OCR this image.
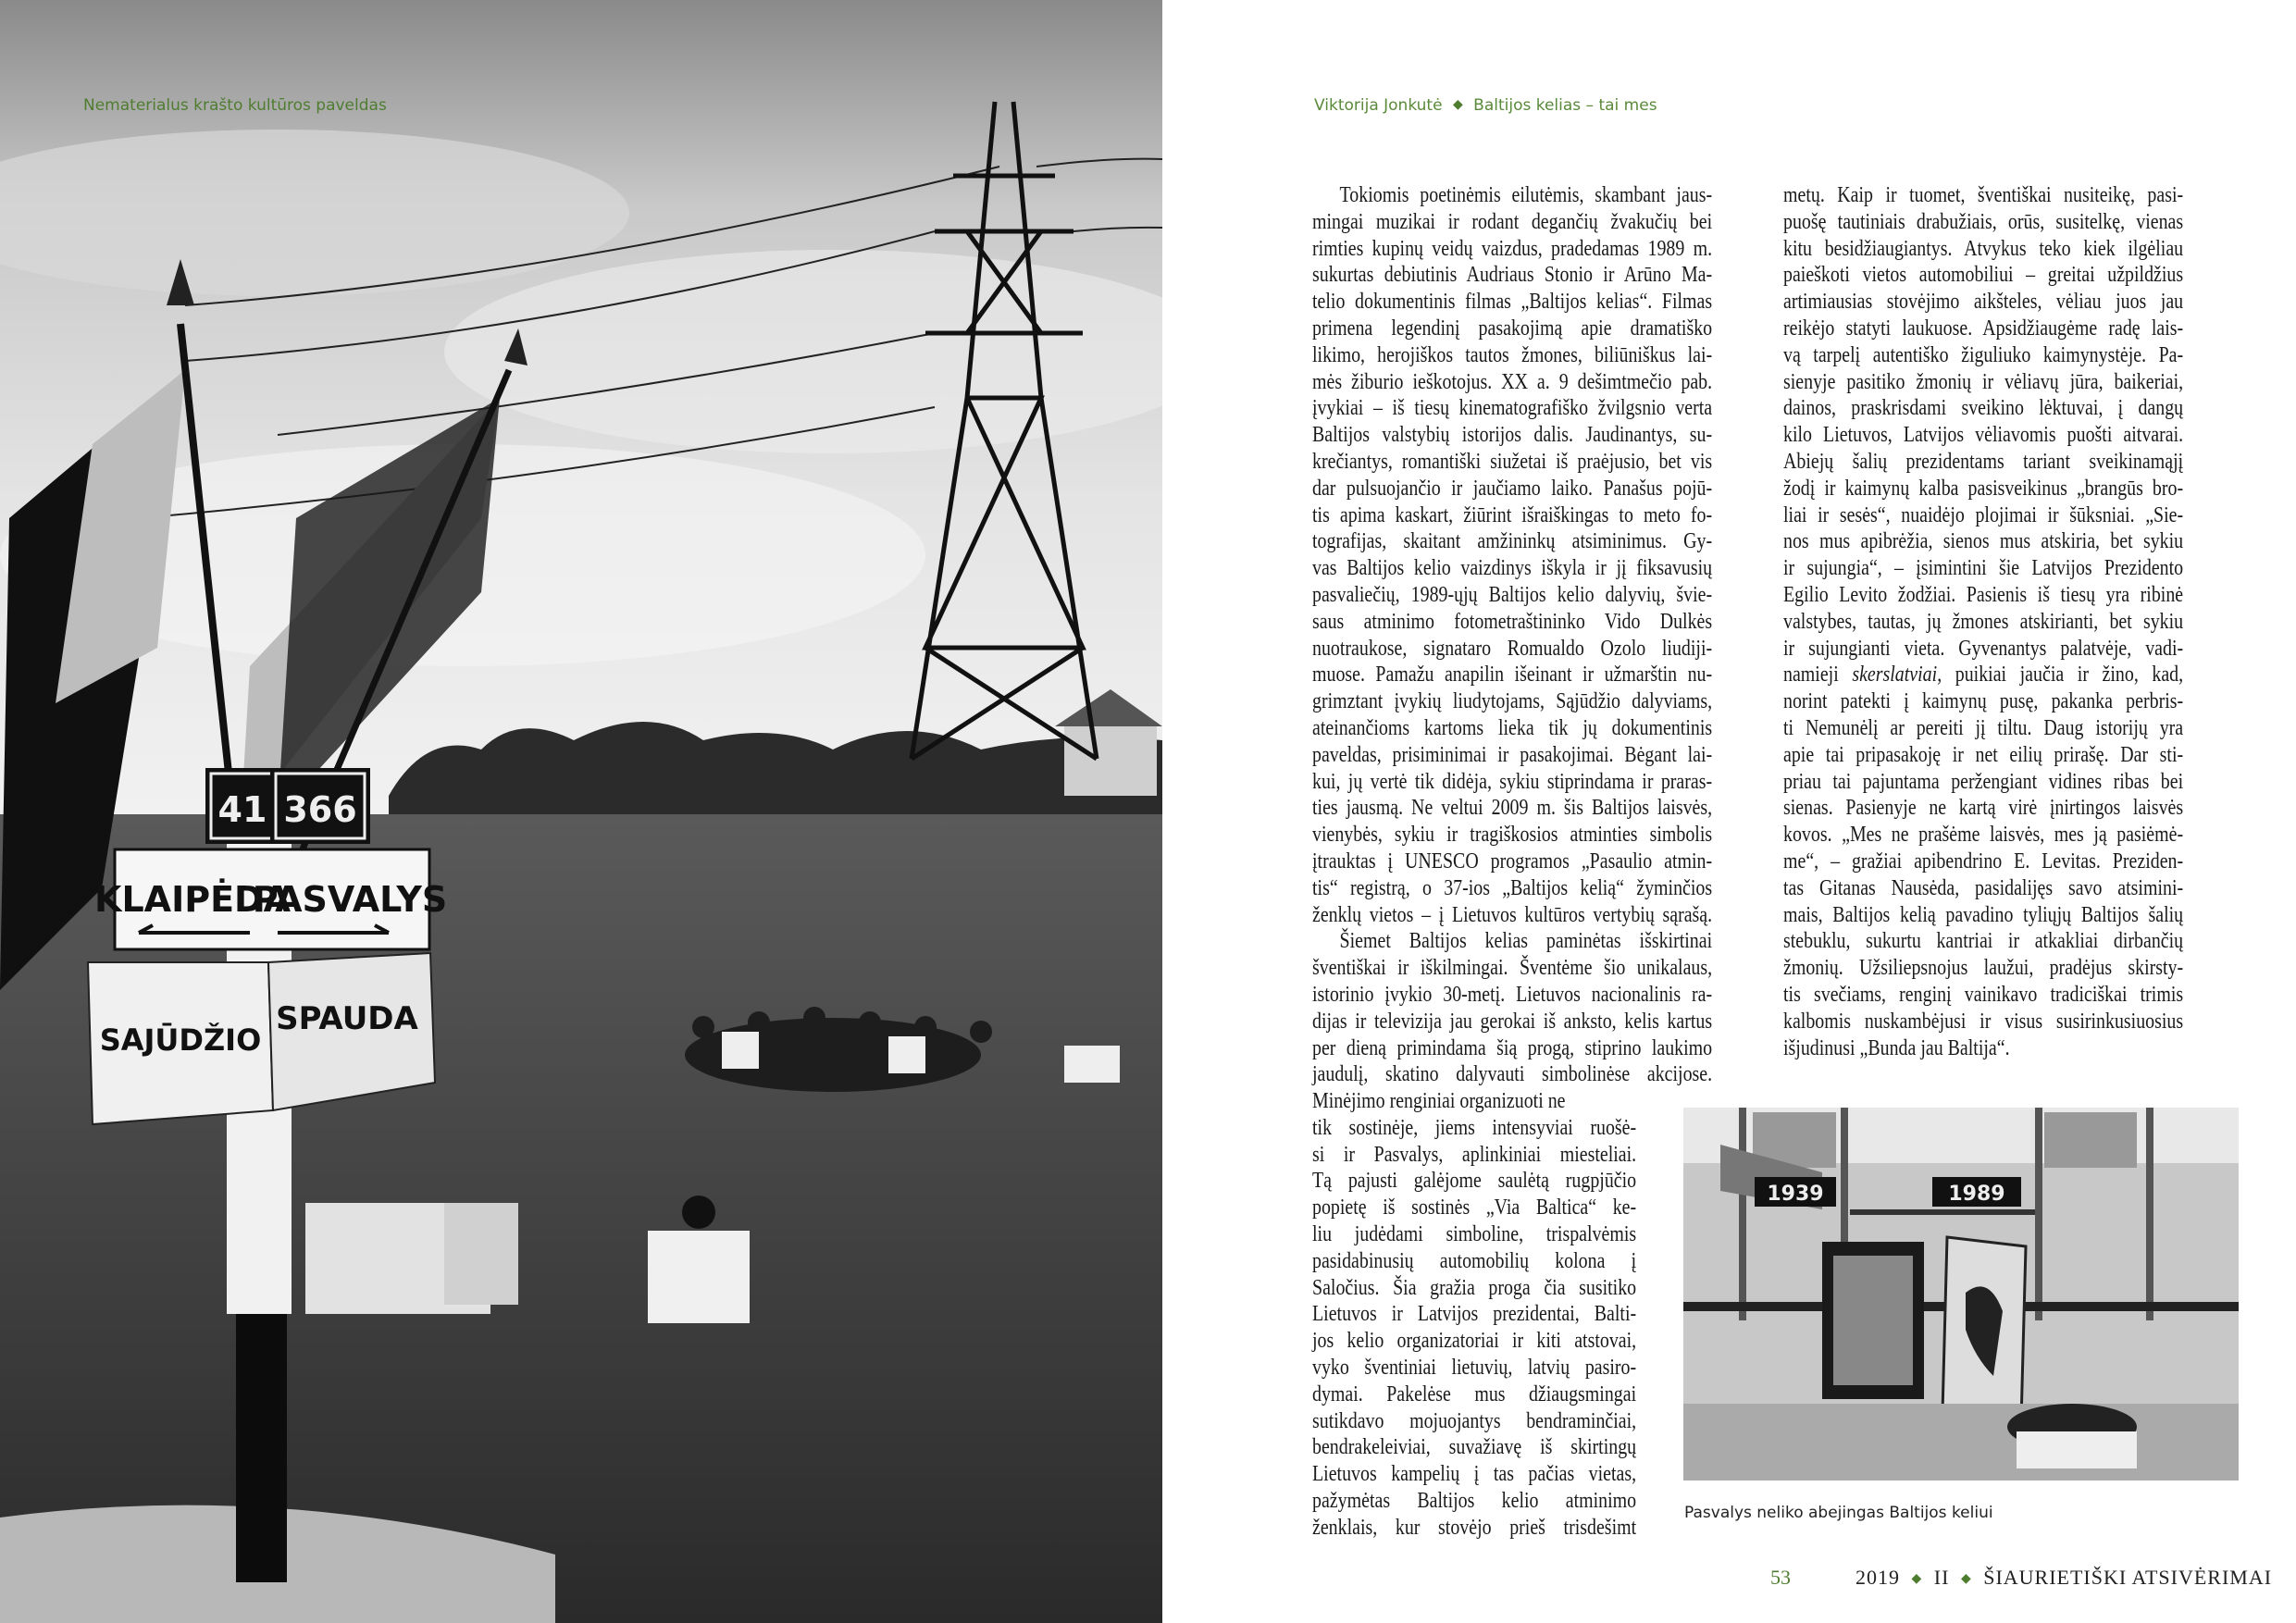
41 366
KLAIPĖDA
PASVALYS
SAJŪDŽIO
SPAUDA
Nematerialus krašto kultūros paveldas	Viktorija Jonkutė ◆ Baltijos kelias – tai mes
Tokiomis poetinėmis eilutėmis, skambant jaus-
mingai muzikai ir rodant degančių žvakučių bei
rimties kupinų veidų vaizdus, pradedamas 1989 m.
sukurtas debiutinis Audriaus Stonio ir Arūno Ma-
telio dokumentinis filmas „Baltijos kelias“. Filmas
primena legendinį pasakojimą apie dramatiško
likimo, herojiškos tautos žmones, biliūniškus lai-
mės žiburio ieškotojus. XX a. 9 dešimtmečio pab.
įvykiai – iš tiesų kinematografiško žvilgsnio verta
Baltijos valstybių istorijos dalis. Jaudinantys, su-
krečiantys, romantiški siužetai iš praėjusio, bet vis
dar pulsuojančio ir jaučiamo laiko. Panašus pojū-
tis apima kaskart, žiūrint išraiškingas to meto fo-
tografijas, skaitant amžininkų atsiminimus. Gy-
vas Baltijos kelio vaizdinys iškyla ir jį fiksavusių
pasvaliečių, 1989-ųjų Baltijos kelio dalyvių, švie-
saus atminimo fotometraštininko Vido Dulkės
nuotraukose, signataro Romualdo Ozolo liudiji-
muose. Pamažu anapilin išeinant ir užmarštin nu-
grimztant įvykių liudytojams, Sąjūdžio dalyviams,
ateinančioms kartoms lieka tik jų dokumentinis
paveldas, prisiminimai ir pasakojimai. Bėgant lai-
kui, jų vertė tik didėja, sykiu stiprindama ir praras-
ties jausmą. Ne veltui 2009 m. šis Baltijos laisvės,
vienybės, sykiu ir tragiškosios atminties simbolis
įtrauktas į UNESCO programos „Pasaulio atmin-
tis“ registrą, o 37-ios „Baltijos kelią“ žyminčios
ženklų vietos – į Lietuvos kultūros vertybių sąrašą.
Šiemet Baltijos kelias paminėtas išskirtinai
šventiškai ir iškilmingai. Šventėme šio unikalaus,
istorinio įvykio 30-metį. Lietuvos nacionalinis ra-
dijas ir televizija jau gerokai iš anksto, kelis kartus
per dieną primindama šią progą, stiprino laukimo
jaudulį, skatino dalyvauti simbolinėse akcijose.
Minėjimo renginiai organizuoti ne
tik sostinėje, jiems intensyviai ruošė-
si ir Pasvalys, aplinkiniai miesteliai.
Tą pajusti galėjome saulėtą rugpjūčio
popietę iš sostinės „Via Baltica“ ke-
liu judėdami simboline, trispalvėmis
pasidabinusių automobilių kolona į
Saločius. Šia gražia proga čia susitiko
Lietuvos ir Latvijos prezidentai, Balti-
jos kelio organizatoriai ir kiti atstovai,
vyko šventiniai lietuvių, latvių pasiro-
dymai. Pakelėse mus džiaugsmingai
sutikdavo mojuojantys bendraminčiai,
bendrakeleiviai, suvažiavę iš skirtingų
Lietuvos kampelių į tas pačias vietas,
pažymėtas Baltijos kelio atminimo
ženklais, kur stovėjo prieš trisdešimt
metų. Kaip ir tuomet, šventiškai nusiteikę, pasi-
puošę tautiniais drabužiais, orūs, susitelkę, vienas
kitu besidžiaugiantys. Atvykus teko kiek ilgėliau
paieškoti vietos automobiliui – greitai užpildžius
artimiausias stovėjimo aikšteles, vėliau juos jau
reikėjo statyti laukuose. Apsidžiaugėme radę lais-
vą tarpelį autentiško žiguliuko kaimynystėje. Pa-
sienyje pasitiko žmonių ir vėliavų jūra, baikeriai,
dainos, praskrisdami sveikino lėktuvai, į dangų
kilo Lietuvos, Latvijos vėliavomis puošti aitvarai.
Abiejų šalių prezidentams tariant sveikinamąjį
žodį ir kaimynų kalba pasisveikinus „brangūs bro-
liai ir sesės“, nuaidėjo plojimai ir šūksniai. „Sie-
nos mus apibrėžia, sienos mus atskiria, bet sykiu
ir sujungia“, – įsimintini šie Latvijos Prezidento
Egilio Levito žodžiai. Pasienis iš tiesų yra ribinė
valstybes, tautas, jų žmones atskirianti, bet sykiu
ir sujungianti vieta. Gyvenantys palatvėje, vadi-
namieji skerslatviai, puikiai jaučia ir žino, kad,
norint patekti į kaimynų pusę, pakanka perbris-
ti Nemunėlį ar pereiti jį tiltu. Daug istorijų yra
apie tai pripasakoję ir net eilių prirašę. Dar sti-
priau tai pajuntama peržengiant vidines ribas bei
sienas. Pasienyje ne kartą virė įnirtingos laisvės
kovos. „Mes ne prašėme laisvės, mes ją pasiėmė-
me“, – gražiai apibendrino E. Levitas. Preziden-
tas Gitanas Nausėda, pasidalijęs savo atsimini-
mais, Baltijos kelią pavadino tyliųjų Baltijos šalių
stebuklu, sukurtu kantriai ir atkakliai dirbančių
žmonių. Užsiliepsnojus laužui, pradėjus skirsty-
tis svečiams, renginį vainikavo tradiciškai trimis
kalbomis nuskambėjusi ir visus susirinkusiuosius
išjudinusi „Bunda jau Baltija“.
1939	1989
Pasvalys neliko abejingas Baltijos keliui
53	2019 ◆ II ◆ ŠIAURIETIŠKI ATSIVĖRIMAI
